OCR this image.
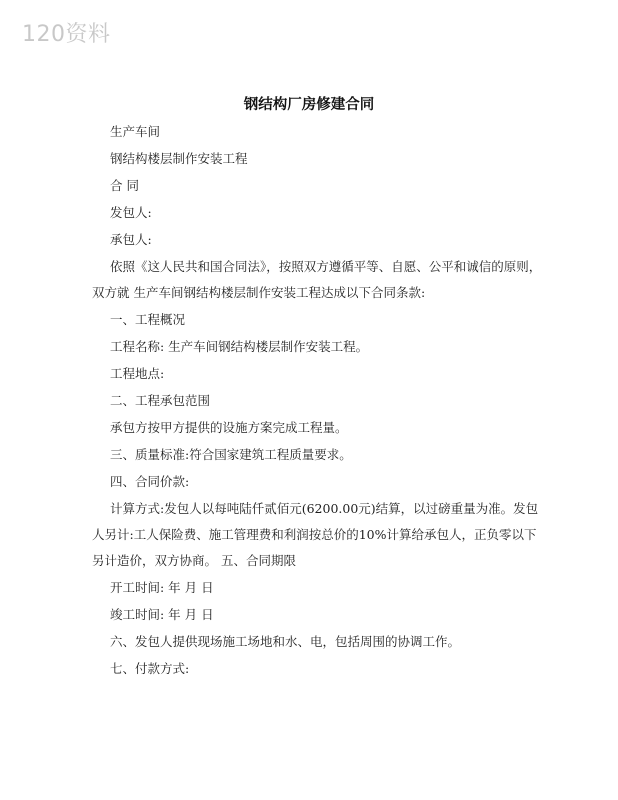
120资料
钢结构厂房修建合同
生产车间
钢结构楼层制作安装工程
合 同
发包人:
承包人:
依照《这人民共和国合同法》，按照双方遵循平等、自愿、公平和诚信的原则，
双方就 生产车间钢结构楼层制作安装工程达成以下合同条款:
一、工程概况
工程名称: 生产车间钢结构楼层制作安装工程。
工程地点:
二、工程承包范围
承包方按甲方提供的设施方案完成工程量。
三、质量标准:符合国家建筑工程质量要求。
四、合同价款:
计算方式:发包人以每吨陆仟贰佰元(6200.00元)结算，以过磅重量为准。发包
人另计:工人保险费、施工管理费和利润按总价的10%计算给承包人，正负零以下
另计造价，双方协商。 五、合同期限
开工时间: 年 月 日
竣工时间: 年 月 日
六、发包人提供现场施工场地和水、电，包括周围的协调工作。
七、付款方式:
